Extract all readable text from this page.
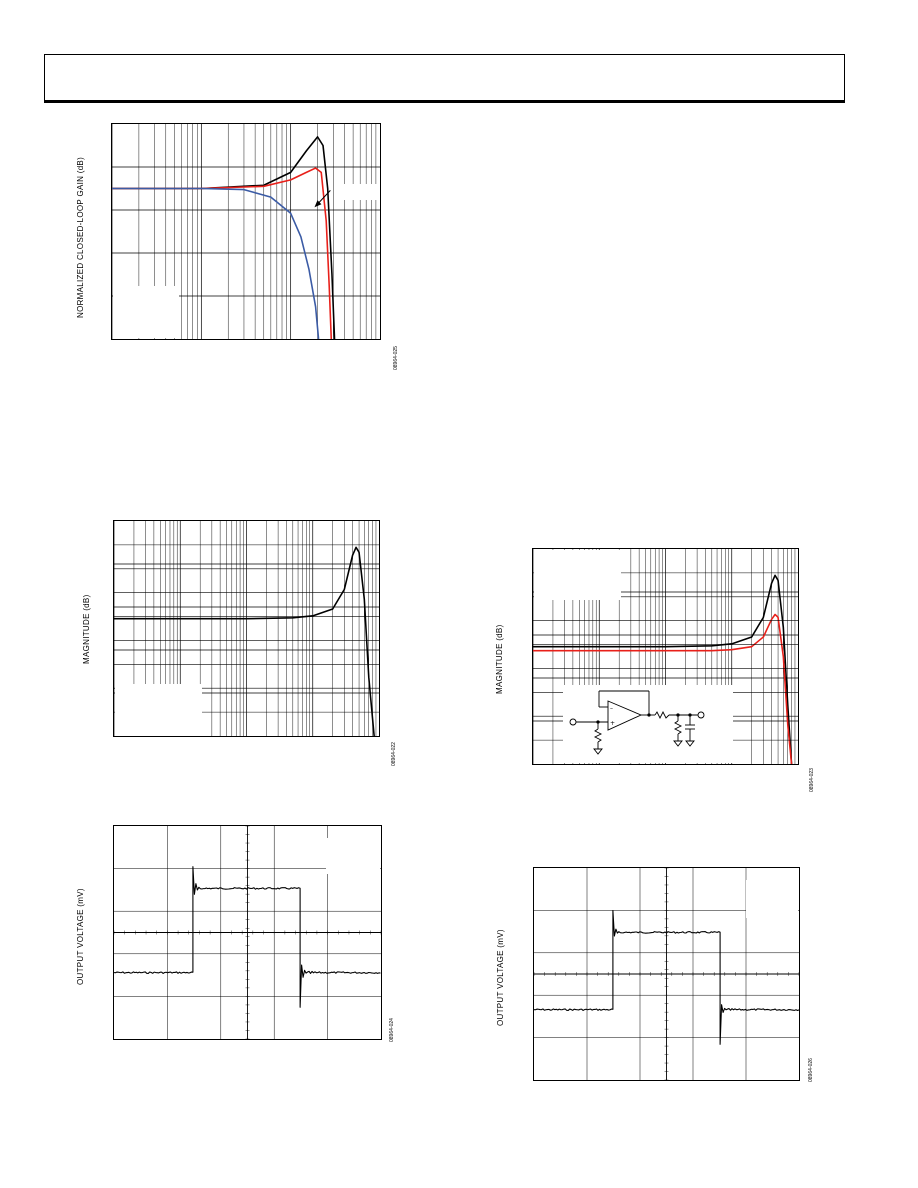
NORMALIZED CLOSED-LOOP GAIN (dB)
08964-025
MAGNITUDE (dB)
08964-022
–
+
MAGNITUDE (dB)
08964-023
OUTPUT VOLTAGE (mV)
08964-024
OUTPUT VOLTAGE (mV)
08964-026
